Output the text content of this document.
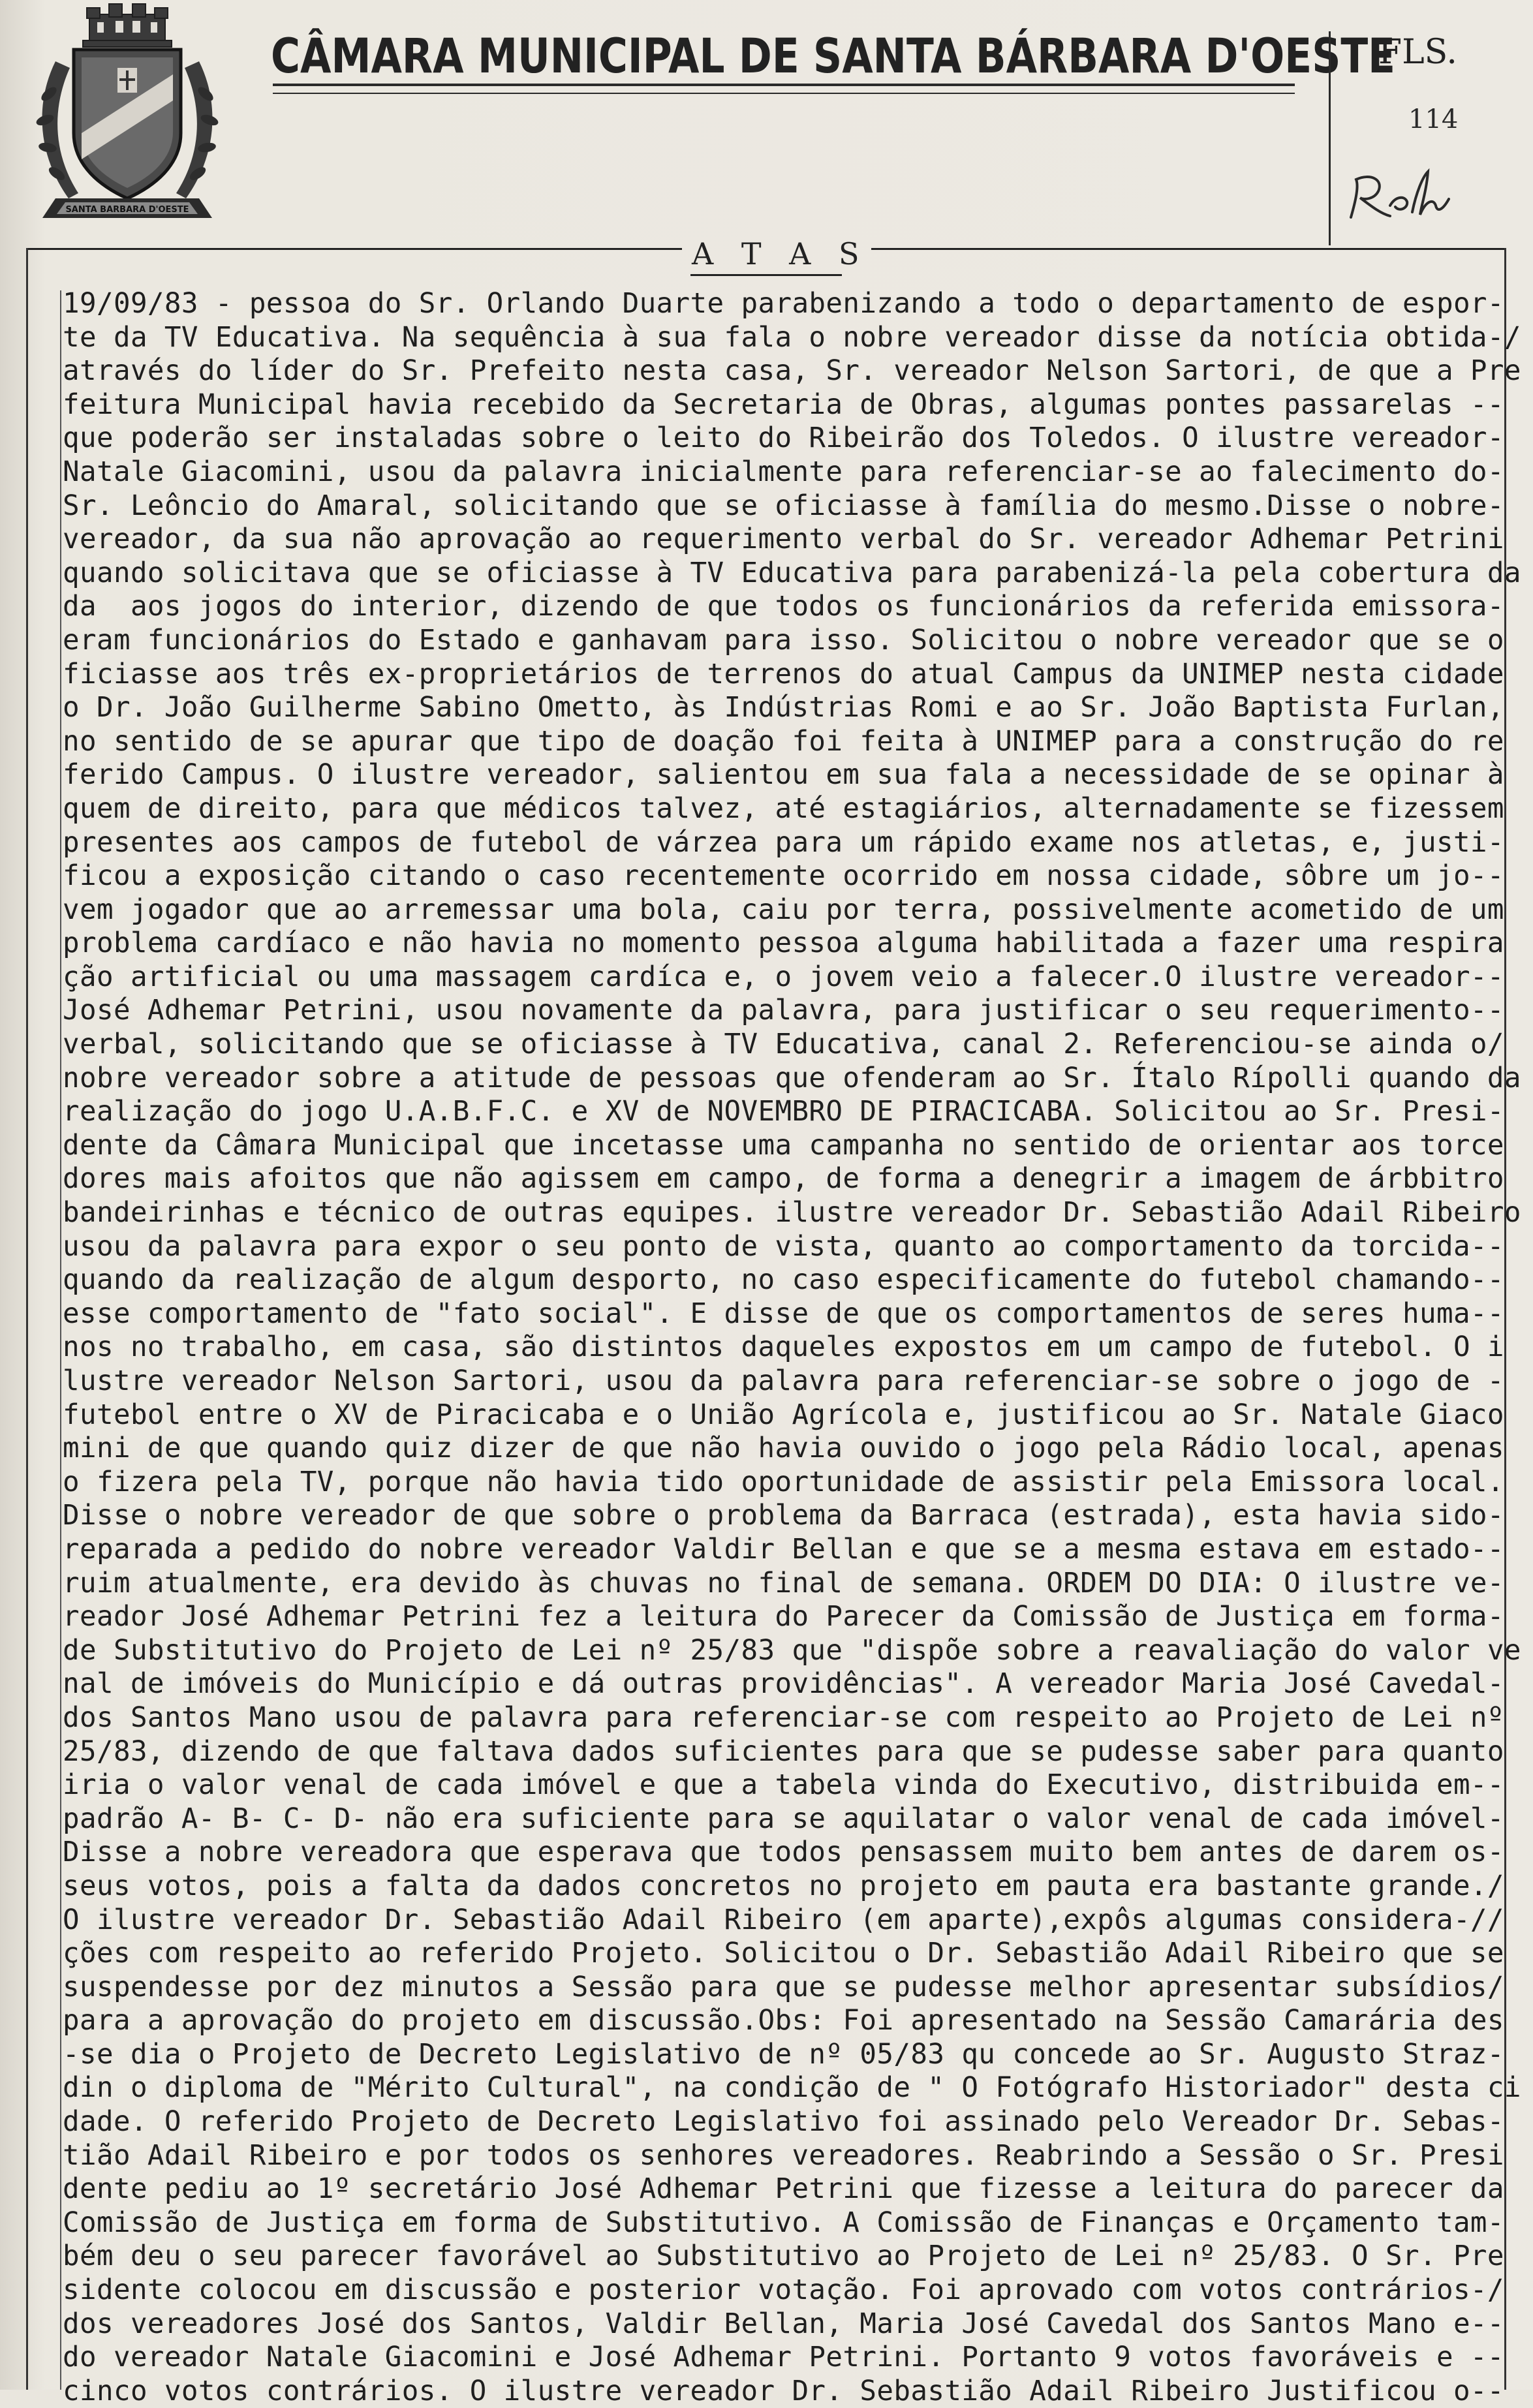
SANTA BARBARA D'OESTE
CÂMARA MUNICIPAL DE SANTA BÁRBARA D'OESTE
FLS.
114
A T A S
19/09/83 - pessoa do Sr. Orlando Duarte parabenizando a todo o departamento de espor-
te da TV Educativa. Na sequência à sua fala o nobre vereador disse da notícia obtida-/
através do líder do Sr. Prefeito nesta casa, Sr. vereador Nelson Sartori, de que a Pre
feitura Municipal havia recebido da Secretaria de Obras, algumas pontes passarelas --
que poderão ser instaladas sobre o leito do Ribeirão dos Toledos. O ilustre vereador-
Natale Giacomini, usou da palavra inicialmente para referenciar-se ao falecimento do-
Sr. Leôncio do Amaral, solicitando que se oficiasse à família do mesmo.Disse o nobre-
vereador, da sua não aprovação ao requerimento verbal do Sr. vereador Adhemar Petrini
quando solicitava que se oficiasse à TV Educativa para parabenizá-la pela cobertura da
da  aos jogos do interior, dizendo de que todos os funcionários da referida emissora-
eram funcionários do Estado e ganhavam para isso. Solicitou o nobre vereador que se o
ficiasse aos três ex-proprietários de terrenos do atual Campus da UNIMEP nesta cidade
o Dr. João Guilherme Sabino Ometto, às Indústrias Romi e ao Sr. João Baptista Furlan,
no sentido de se apurar que tipo de doação foi feita à UNIMEP para a construção do re
ferido Campus. O ilustre vereador, salientou em sua fala a necessidade de se opinar à
quem de direito, para que médicos talvez, até estagiários, alternadamente se fizessem
presentes aos campos de futebol de várzea para um rápido exame nos atletas, e, justi-
ficou a exposição citando o caso recentemente ocorrido em nossa cidade, sôbre um jo--
vem jogador que ao arremessar uma bola, caiu por terra, possivelmente acometido de um
problema cardíaco e não havia no momento pessoa alguma habilitada a fazer uma respira
ção artificial ou uma massagem cardíca e, o jovem veio a falecer.O ilustre vereador--
José Adhemar Petrini, usou novamente da palavra, para justificar o seu requerimento--
verbal, solicitando que se oficiasse à TV Educativa, canal 2. Referenciou-se ainda o/
nobre vereador sobre a atitude de pessoas que ofenderam ao Sr. Ítalo Rípolli quando da
realização do jogo U.A.B.F.C. e XV de NOVEMBRO DE PIRACICABA. Solicitou ao Sr. Presi-
dente da Câmara Municipal que incetasse uma campanha no sentido de orientar aos torce
dores mais afoitos que não agissem em campo, de forma a denegrir a imagem de árbbitro
bandeirinhas e técnico de outras equipes. ilustre vereador Dr. Sebastião Adail Ribeiro
usou da palavra para expor o seu ponto de vista, quanto ao comportamento da torcida--
quando da realização de algum desporto, no caso especificamente do futebol chamando--
esse comportamento de "fato social". E disse de que os comportamentos de seres huma--
nos no trabalho, em casa, são distintos daqueles expostos em um campo de futebol. O i
lustre vereador Nelson Sartori, usou da palavra para referenciar-se sobre o jogo de -
futebol entre o XV de Piracicaba e o União Agrícola e, justificou ao Sr. Natale Giaco
mini de que quando quiz dizer de que não havia ouvido o jogo pela Rádio local, apenas
o fizera pela TV, porque não havia tido oportunidade de assistir pela Emissora local.
Disse o nobre vereador de que sobre o problema da Barraca (estrada), esta havia sido-
reparada a pedido do nobre vereador Valdir Bellan e que se a mesma estava em estado--
ruim atualmente, era devido às chuvas no final de semana. ORDEM DO DIA: O ilustre ve-
reador José Adhemar Petrini fez a leitura do Parecer da Comissão de Justiça em forma-
de Substitutivo do Projeto de Lei nº 25/83 que "dispõe sobre a reavaliação do valor ve
nal de imóveis do Município e dá outras providências". A vereador Maria José Cavedal-
dos Santos Mano usou de palavra para referenciar-se com respeito ao Projeto de Lei nº
25/83, dizendo de que faltava dados suficientes para que se pudesse saber para quanto
iria o valor venal de cada imóvel e que a tabela vinda do Executivo, distribuida em--
padrão A- B- C- D- não era suficiente para se aquilatar o valor venal de cada imóvel-
Disse a nobre vereadora que esperava que todos pensassem muito bem antes de darem os-
seus votos, pois a falta da dados concretos no projeto em pauta era bastante grande./
O ilustre vereador Dr. Sebastião Adail Ribeiro (em aparte),expôs algumas considera-//
ções com respeito ao referido Projeto. Solicitou o Dr. Sebastião Adail Ribeiro que se
suspendesse por dez minutos a Sessão para que se pudesse melhor apresentar subsídios/
para a aprovação do projeto em discussão.Obs: Foi apresentado na Sessão Camarária des
-se dia o Projeto de Decreto Legislativo de nº 05/83 qu concede ao Sr. Augusto Straz-
din o diploma de "Mérito Cultural", na condição de " O Fotógrafo Historiador" desta ci
dade. O referido Projeto de Decreto Legislativo foi assinado pelo Vereador Dr. Sebas-
tião Adail Ribeiro e por todos os senhores vereadores. Reabrindo a Sessão o Sr. Presi
dente pediu ao 1º secretário José Adhemar Petrini que fizesse a leitura do parecer da
Comissão de Justiça em forma de Substitutivo. A Comissão de Finanças e Orçamento tam-
bém deu o seu parecer favorável ao Substitutivo ao Projeto de Lei nº 25/83. O Sr. Pre
sidente colocou em discussão e posterior votação. Foi aprovado com votos contrários-/
dos vereadores José dos Santos, Valdir Bellan, Maria José Cavedal dos Santos Mano e--
do vereador Natale Giacomini e José Adhemar Petrini. Portanto 9 votos favoráveis e --
cinco votos contrários. O ilustre vereador Dr. Sebastião Adail Ribeiro Justificou o--
